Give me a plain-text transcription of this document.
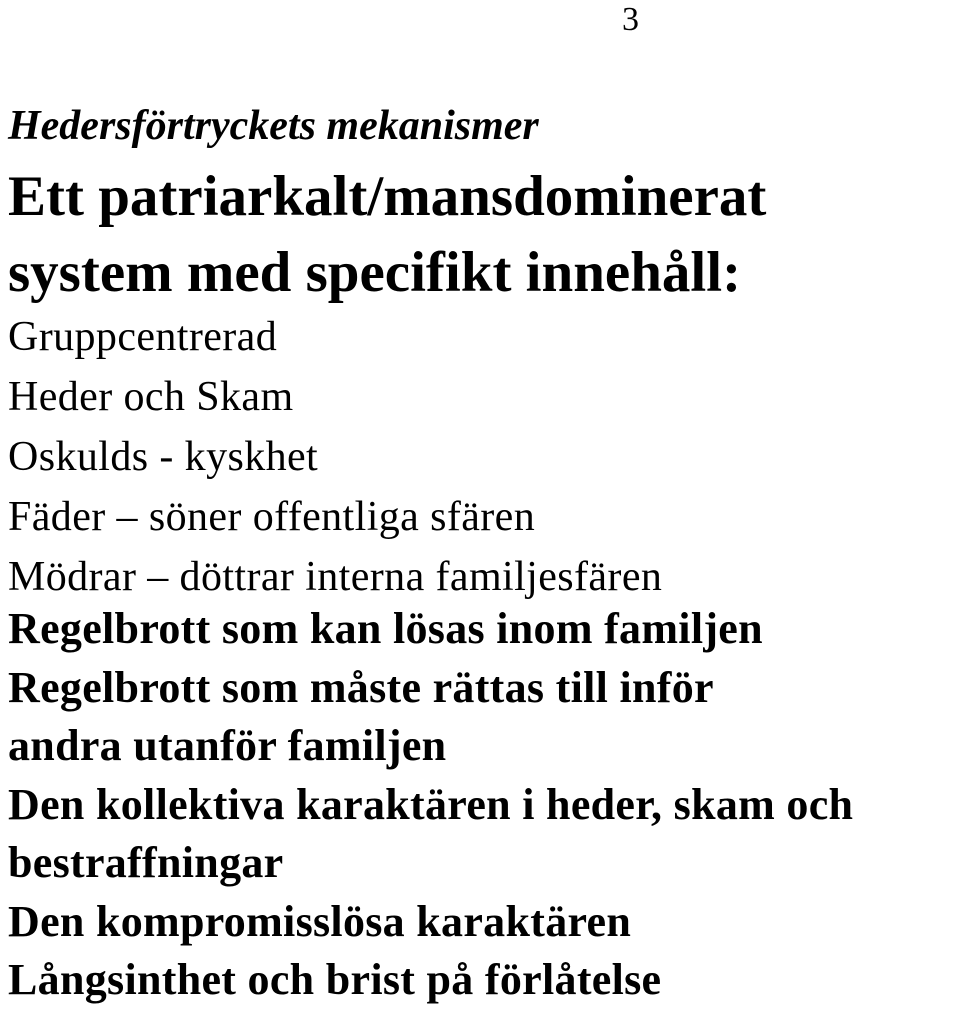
3
Hedersförtryckets mekanismer
Ett patriarkalt/mansdominerat
system med specifikt innehåll:
Gruppcentrerad
Heder och Skam
Oskulds - kyskhet
Fäder – söner offentliga sfären
Mödrar – döttrar interna familjesfären
Regelbrott som kan lösas inom familjen
Regelbrott som måste rättas till inför
andra utanför familjen
Den kollektiva karaktären i heder, skam och
bestraffningar
Den kompromisslösa karaktären
Långsinthet och brist på förlåtelse
